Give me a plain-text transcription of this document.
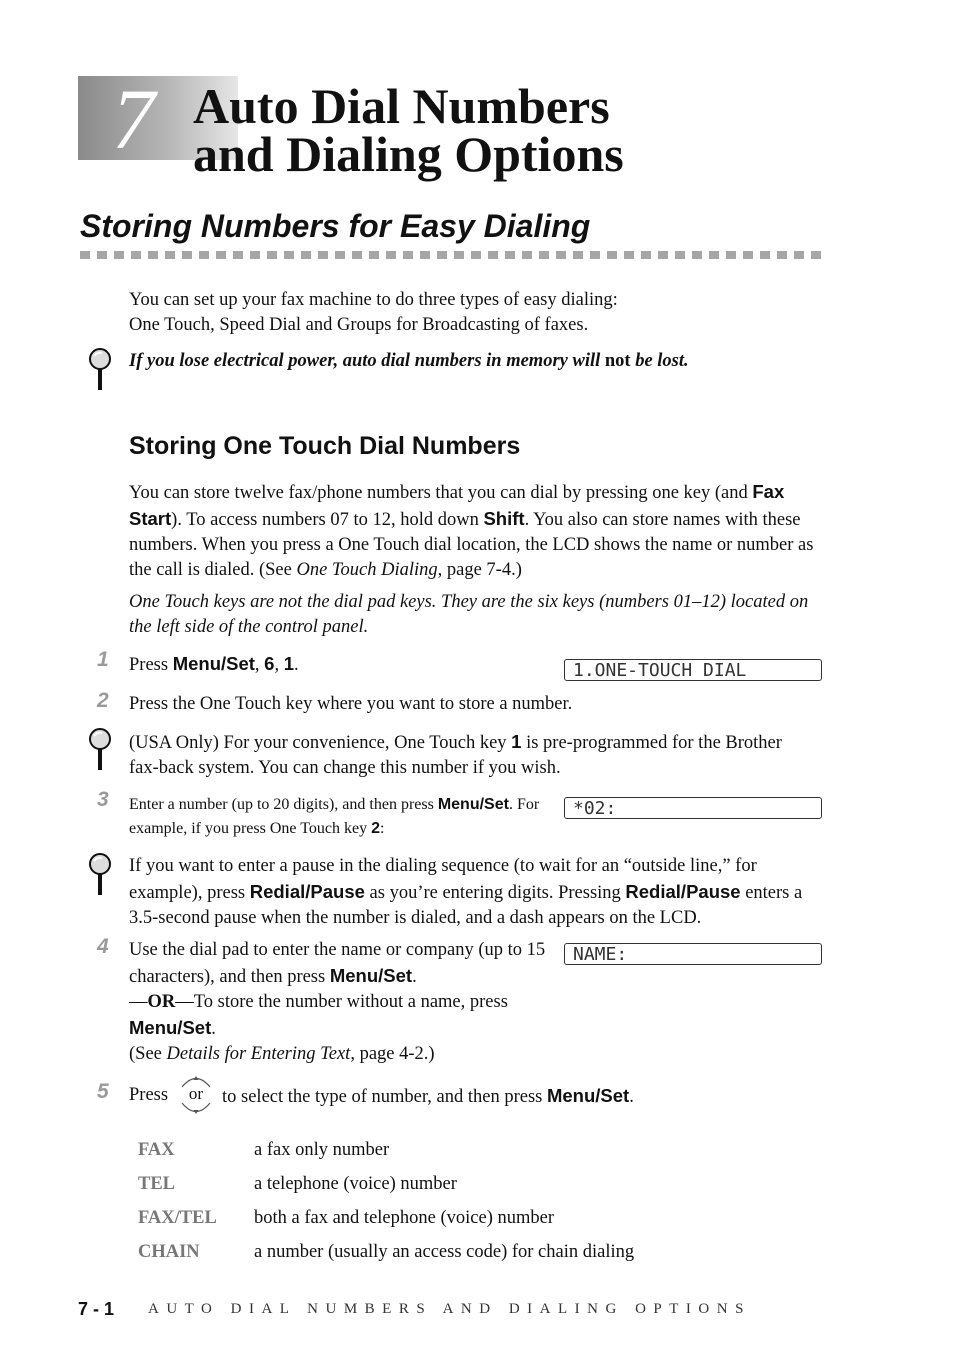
7 Auto Dial Numbers
and Dialing Options
Storing Numbers for Easy Dialing
You can set up your fax machine to do three types of easy dialing:
One Touch, Speed Dial and Groups for Broadcasting of faxes.
If you lose electrical power, auto dial numbers in memory will not be lost.
Storing One Touch Dial Numbers
You can store twelve fax/phone numbers that you can dial by pressing one key (and Fax Start). To access numbers 07 to 12, hold down Shift. You also can store names with these numbers. When you press a One Touch dial location, the LCD shows the name or number as the call is dialed. (See One Touch Dialing, page 7-4.)
One Touch keys are not the dial pad keys. They are the six keys (numbers 01–12) located on the left side of the control panel.
1 Press Menu/Set, 6, 1.	1.ONE-TOUCH DIAL
2 Press the One Touch key where you want to store a number.
(USA Only) For your convenience, One Touch key 1 is pre-programmed for the Brother fax-back system. You can change this number if you wish.
3 Enter a number (up to 20 digits), and then press Menu/Set. For example, if you press One Touch key 2:
*02:
If you want to enter a pause in the dialing sequence (to wait for an “outside line,” for example), press Redial/Pause as you’re entering digits. Pressing Redial/Pause enters a 3.5-second pause when the number is dialed, and a dash appears on the LCD.
4 Use the dial pad to enter the name or company (up to 15 characters), and then press Menu/Set.
—OR—To store the number without a name, press Menu/Set.
(See Details for Entering Text, page 4-2.)
NAME:
5 Press	or	to select the type of number, and then press Menu/Set.
FAX	a fax only number
TEL	a telephone (voice) number
FAX/TEL both a fax and telephone (voice) number
CHAIN	a number (usually an access code) for chain dialing
7 - 1 AUTO DIAL NUMBERS AND DIALING OPTIONS
